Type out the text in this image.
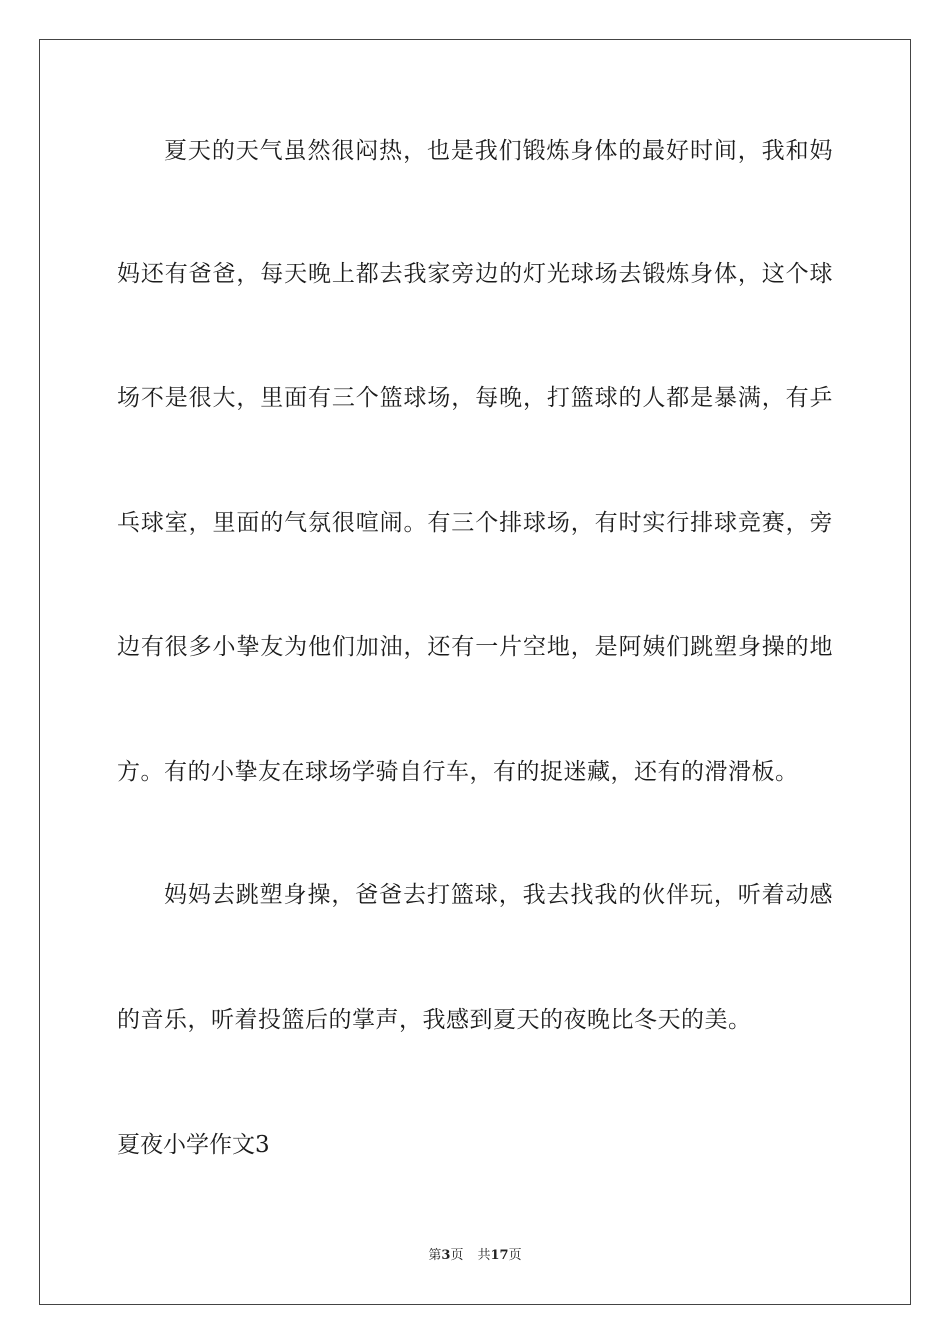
夏天的天气虽然很闷热，也是我们锻炼身体的最好时间，我和妈
妈还有爸爸，每天晚上都去我家旁边的灯光球场去锻炼身体，这个球
场不是很大，里面有三个篮球场，每晚，打篮球的人都是暴满，有乒
乓球室，里面的气氛很喧闹。有三个排球场，有时实行排球竞赛，旁
边有很多小挚友为他们加油，还有一片空地，是阿姨们跳塑身操的地
方。有的小挚友在球场学骑自行车，有的捉迷藏，还有的滑滑板。
妈妈去跳塑身操，爸爸去打篮球，我去找我的伙伴玩，听着动感
的音乐，听着投篮后的掌声，我感到夏天的夜晚比冬天的美。
夏夜小学作文3
第3页 共17页
